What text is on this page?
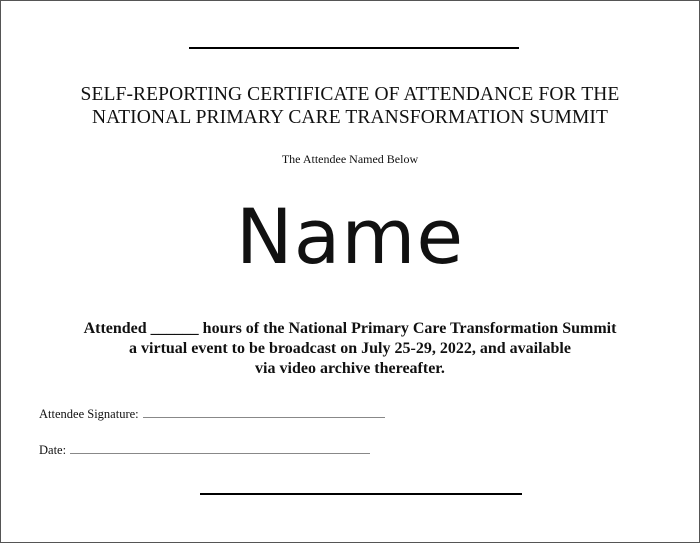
SELF-REPORTING CERTIFICATE OF ATTENDANCE FOR THE
NATIONAL PRIMARY CARE TRANSFORMATION SUMMIT
The Attendee Named Below
Name
Attended ______ hours of the National Primary Care Transformation Summit
a virtual event to be broadcast on July 25-29, 2022, and available
via video archive thereafter.
Attendee Signature:
Date:
